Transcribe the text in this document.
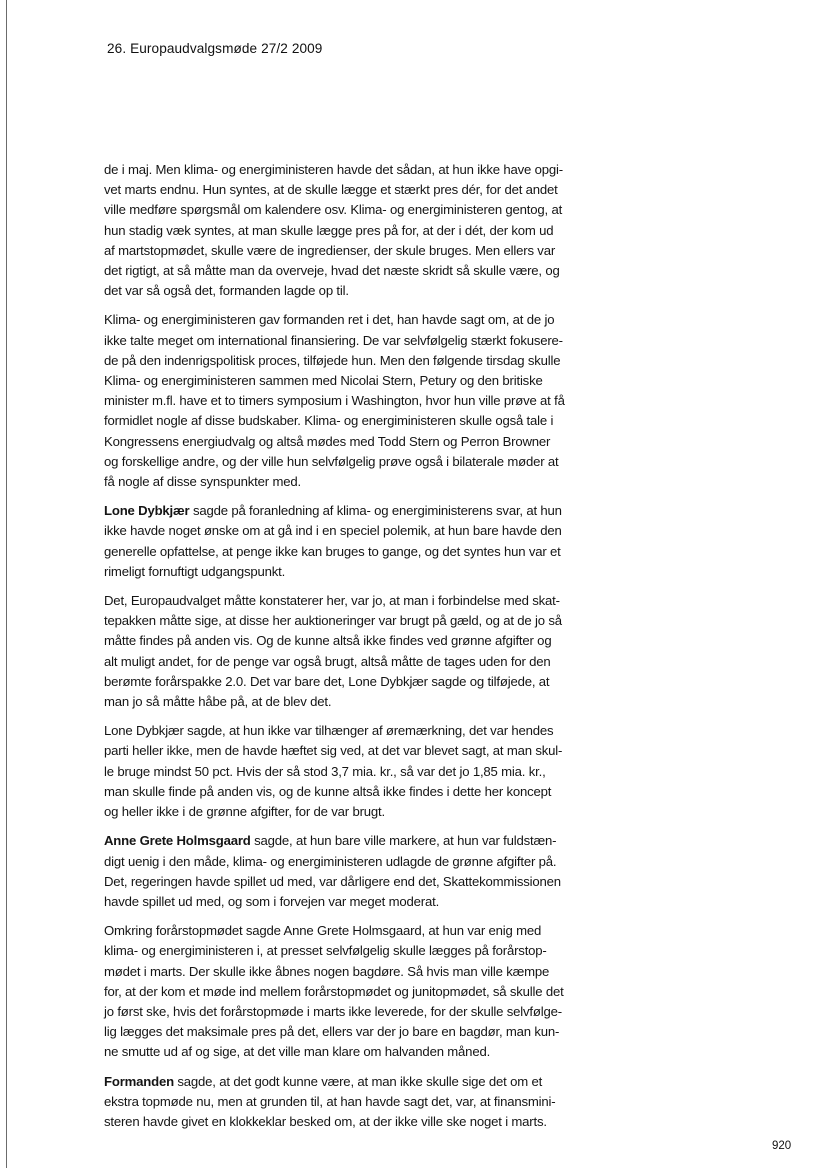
26. Europaudvalgsmøde 27/2 2009

de i maj. Men klima- og energiministeren havde det sådan, at hun ikke have opgi-
vet marts endnu. Hun syntes, at de skulle lægge et stærkt pres dér, for det andet
ville medføre spørgsmål om kalendere osv. Klima- og energiministeren gentog, at
hun stadig væk syntes, at man skulle lægge pres på for, at der i dét, der kom ud
af martstopmødet, skulle være de ingredienser, der skule bruges. Men ellers var
det rigtigt, at så måtte man da overveje, hvad det næste skridt så skulle være, og
det var så også det, formanden lagde op til.

Klima- og energiministeren gav formanden ret i det, han havde sagt om, at de jo
ikke talte meget om international finansiering. De var selvfølgelig stærkt fokusere-
de på den indenrigspolitisk proces, tilføjede hun. Men den følgende tirsdag skulle
Klima- og energiministeren sammen med Nicolai Stern, Petury og den britiske
minister m.fl. have et to timers symposium i Washington, hvor hun ville prøve at få
formidlet nogle af disse budskaber. Klima- og energiministeren skulle også tale i
Kongressens energiudvalg og altså mødes med Todd Stern og Perron Browner
og forskellige andre, og der ville hun selvfølgelig prøve også i bilaterale møder at
få nogle af disse synspunkter med.

Lone Dybkjær sagde på foranledning af klima- og energiministerens svar, at hun
ikke havde noget ønske om at gå ind i en speciel polemik, at hun bare havde den
generelle opfattelse, at penge ikke kan bruges to gange, og det syntes hun var et
rimeligt fornuftigt udgangspunkt.

Det, Europaudvalget måtte konstaterer her, var jo, at man i forbindelse med skat-
tepakken måtte sige, at disse her auktioneringer var brugt på gæld, og at de jo så
måtte findes på anden vis. Og de kunne altså ikke findes ved grønne afgifter og
alt muligt andet, for de penge var også brugt, altså måtte de tages uden for den
berømte forårspakke 2.0. Det var bare det, Lone Dybkjær sagde og tilføjede, at
man jo så måtte håbe på, at de blev det.

Lone Dybkjær sagde, at hun ikke var tilhænger af øremærkning, det var hendes
parti heller ikke, men de havde hæftet sig ved, at det var blevet sagt, at man skul-
le bruge mindst 50 pct. Hvis der så stod 3,7 mia. kr., så var det jo 1,85 mia. kr.,
man skulle finde på anden vis, og de kunne altså ikke findes i dette her koncept
og heller ikke i de grønne afgifter, for de var brugt.

Anne Grete Holmsgaard sagde, at hun bare ville markere, at hun var fuldstæn-
digt uenig i den måde, klima- og energiministeren udlagde de grønne afgifter på.
Det, regeringen havde spillet ud med, var dårligere end det, Skattekommissionen
havde spillet ud med, og som i forvejen var meget moderat.

Omkring forårstopmødet sagde Anne Grete Holmsgaard, at hun var enig med
klima- og energiministeren i, at presset selvfølgelig skulle lægges på forårstop-
mødet i marts. Der skulle ikke åbnes nogen bagdøre. Så hvis man ville kæmpe
for, at der kom et møde ind mellem forårstopmødet og junitopmødet, så skulle det
jo først ske, hvis det forårstopmøde i marts ikke leverede, for der skulle selvfølge-
lig lægges det maksimale pres på det, ellers var der jo bare en bagdør, man kun-
ne smutte ud af og sige, at det ville man klare om halvanden måned.

Formanden sagde, at det godt kunne være, at man ikke skulle sige det om et
ekstra topmøde nu, men at grunden til, at han havde sagt det, var, at finansmini-
steren havde givet en klokkeklar besked om, at der ikke ville ske noget i marts.

920
